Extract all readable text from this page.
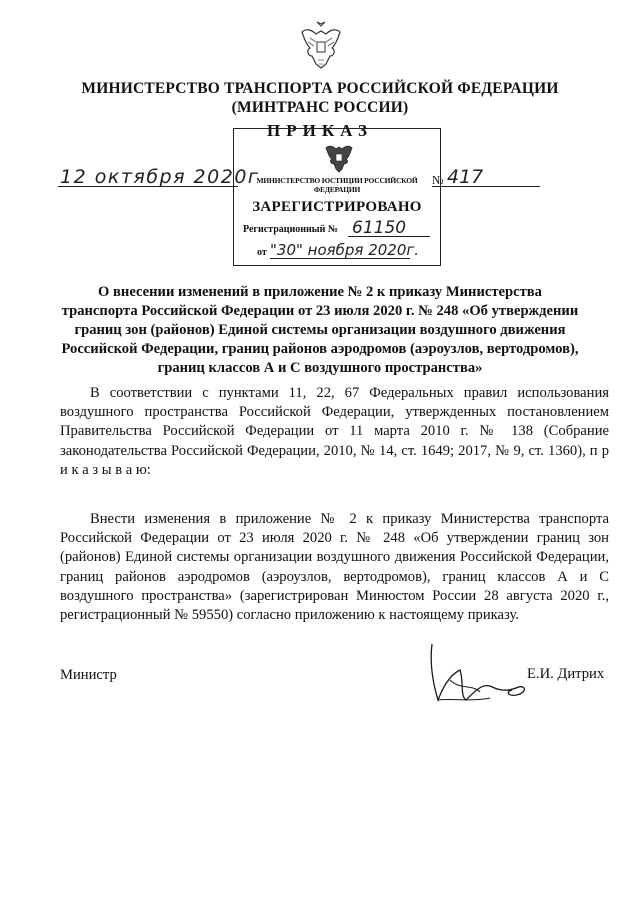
МИНИСТЕРСТВО ТРАНСПОРТА РОССИЙСКОЙ ФЕДЕРАЦИИ
(МИНТРАНС РОССИИ)
ПРИКАЗ
12 октября 2020г	№ 417
МИНИСТЕРСТВО ЮСТИЦИИ РОССИЙСКОЙ ФЕДЕРАЦИИ
ЗАРЕГИСТРИРОВАНО
Регистрационный № 61150
от "30" ноября 2020г.
О внесении изменений в приложение № 2 к приказу Министерства транспорта Российской Федерации от 23 июля 2020 г. № 248 «Об утверждении границ зон (районов) Единой системы организации воздушного движения Российской Федерации, границ районов аэродромов (аэроузлов, вертодромов), границ классов А и С воздушного пространства»
В соответствии с пунктами 11, 22, 67 Федеральных правил использования воздушного пространства Российской Федерации, утвержденных постановлением Правительства Российской Федерации от 11 марта 2010 г. № 138 (Собрание законодательства Российской Федерации, 2010, № 14, ст. 1649; 2017, № 9, ст. 1360), п р и к а з ы в а ю:
Внести изменения в приложение № 2 к приказу Министерства транспорта Российской Федерации от 23 июля 2020 г. № 248 «Об утверждении границ зон (районов) Единой системы организации воздушного движения Российской Федерации, границ районов аэродромов (аэроузлов, вертодромов), границ классов А и С воздушного пространства» (зарегистрирован Минюстом России 28 августа 2020 г., регистрационный № 59550) согласно приложению к настоящему приказу.
Министр	Е.И. Дитрих
